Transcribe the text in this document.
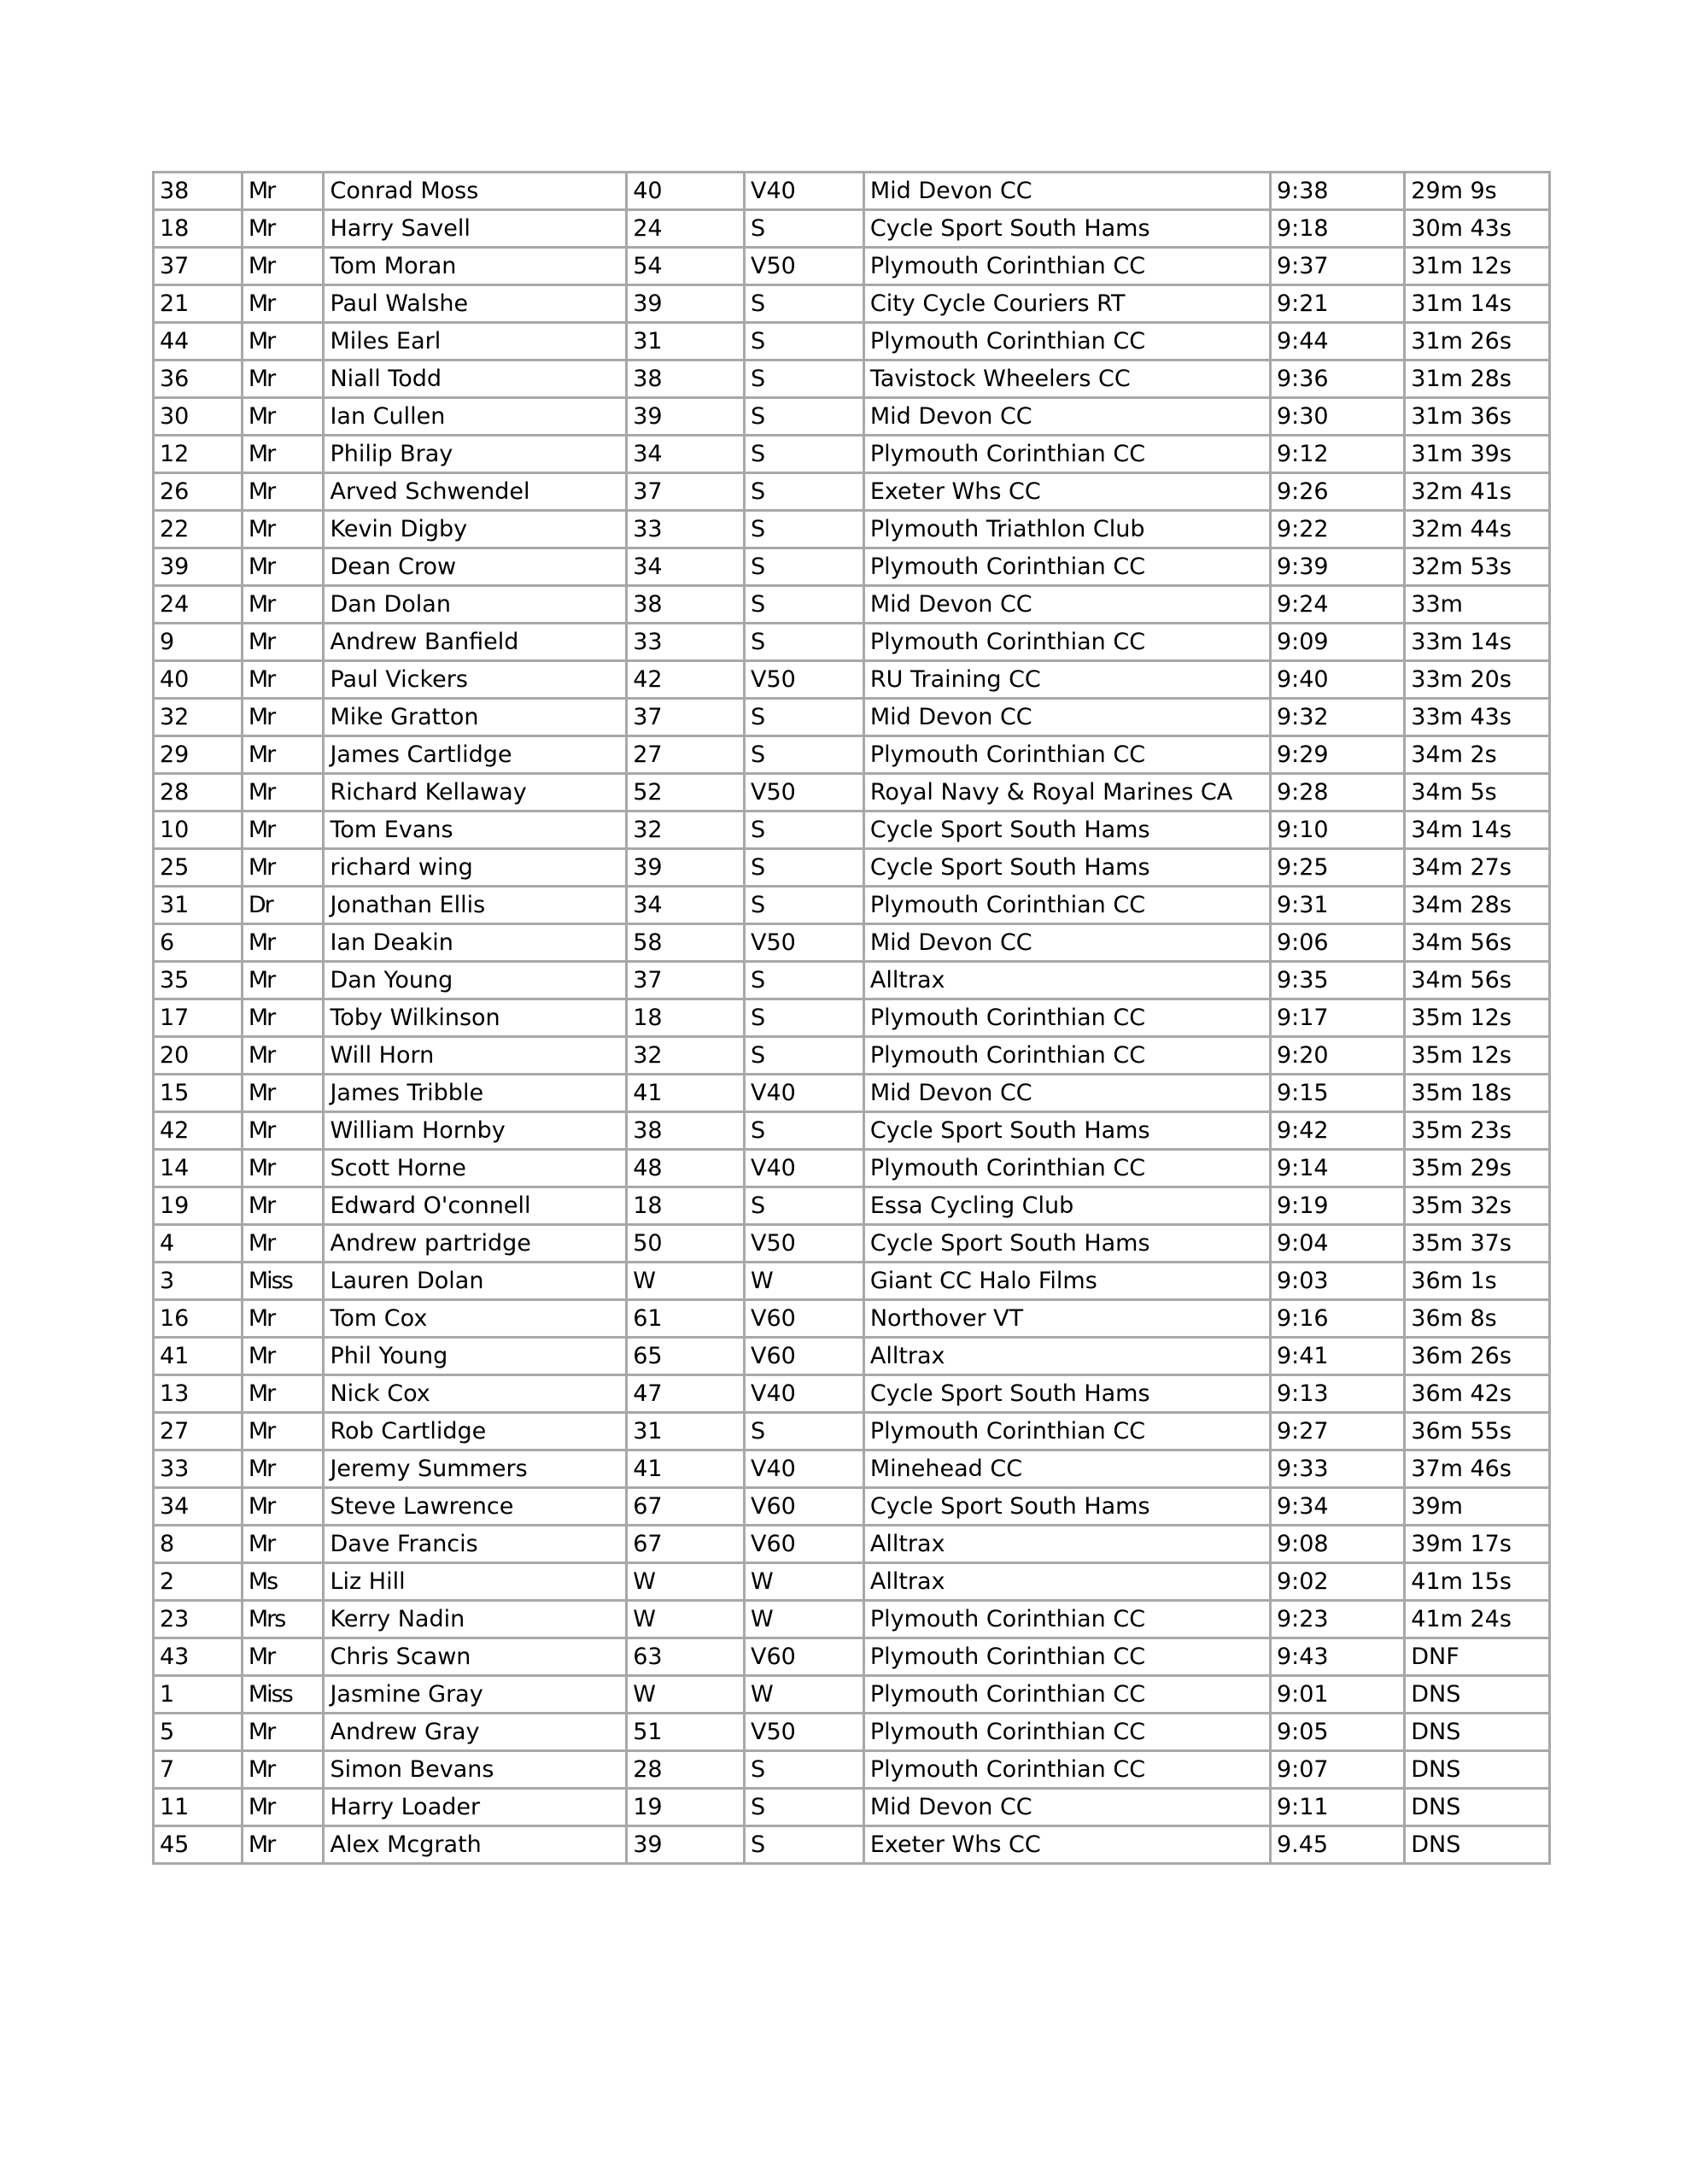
38	Mr	Conrad Moss	40	V40	Mid Devon CC	9:38	29m 9s
18	Mr	Harry Savell	24	S	Cycle Sport South Hams	9:18	30m 43s
37	Mr	Tom Moran	54	V50	Plymouth Corinthian CC	9:37	31m 12s
21	Mr	Paul Walshe	39	S	City Cycle Couriers RT	9:21	31m 14s
44	Mr	Miles Earl	31	S	Plymouth Corinthian CC	9:44	31m 26s
36	Mr	Niall Todd	38	S	Tavistock Wheelers CC	9:36	31m 28s
30	Mr	Ian Cullen	39	S	Mid Devon CC	9:30	31m 36s
12	Mr	Philip Bray	34	S	Plymouth Corinthian CC	9:12	31m 39s
26	Mr	Arved Schwendel	37	S	Exeter Whs CC	9:26	32m 41s
22	Mr	Kevin Digby	33	S	Plymouth Triathlon Club	9:22	32m 44s
39	Mr	Dean Crow	34	S	Plymouth Corinthian CC	9:39	32m 53s
24	Mr	Dan Dolan	38	S	Mid Devon CC	9:24	33m
9	Mr	Andrew Banfield	33	S	Plymouth Corinthian CC	9:09	33m 14s
40	Mr	Paul Vickers	42	V50	RU Training CC	9:40	33m 20s
32	Mr	Mike Gratton	37	S	Mid Devon CC	9:32	33m 43s
29	Mr	James Cartlidge	27	S	Plymouth Corinthian CC	9:29	34m 2s
28	Mr	Richard Kellaway	52	V50	Royal Navy & Royal Marines CA	9:28	34m 5s
10	Mr	Tom Evans	32	S	Cycle Sport South Hams	9:10	34m 14s
25	Mr	richard wing	39	S	Cycle Sport South Hams	9:25	34m 27s
31	Dr	Jonathan Ellis	34	S	Plymouth Corinthian CC	9:31	34m 28s
6	Mr	Ian Deakin	58	V50	Mid Devon CC	9:06	34m 56s
35	Mr	Dan Young	37	S	Alltrax	9:35	34m 56s
17	Mr	Toby Wilkinson	18	S	Plymouth Corinthian CC	9:17	35m 12s
20	Mr	Will Horn	32	S	Plymouth Corinthian CC	9:20	35m 12s
15	Mr	James Tribble	41	V40	Mid Devon CC	9:15	35m 18s
42	Mr	William Hornby	38	S	Cycle Sport South Hams	9:42	35m 23s
14	Mr	Scott Horne	48	V40	Plymouth Corinthian CC	9:14	35m 29s
19	Mr	Edward O'connell	18	S	Essa Cycling Club	9:19	35m 32s
4	Mr	Andrew partridge	50	V50	Cycle Sport South Hams	9:04	35m 37s
3	Miss	Lauren Dolan	W	W	Giant CC Halo Films	9:03	36m 1s
16	Mr	Tom Cox	61	V60	Northover VT	9:16	36m 8s
41	Mr	Phil Young	65	V60	Alltrax	9:41	36m 26s
13	Mr	Nick Cox	47	V40	Cycle Sport South Hams	9:13	36m 42s
27	Mr	Rob Cartlidge	31	S	Plymouth Corinthian CC	9:27	36m 55s
33	Mr	Jeremy Summers	41	V40	Minehead CC	9:33	37m 46s
34	Mr	Steve Lawrence	67	V60	Cycle Sport South Hams	9:34	39m
8	Mr	Dave Francis	67	V60	Alltrax	9:08	39m 17s
2	Ms	Liz Hill	W	W	Alltrax	9:02	41m 15s
23	Mrs	Kerry Nadin	W	W	Plymouth Corinthian CC	9:23	41m 24s
43	Mr	Chris Scawn	63	V60	Plymouth Corinthian CC	9:43	DNF
1	Miss	Jasmine Gray	W	W	Plymouth Corinthian CC	9:01	DNS
5	Mr	Andrew Gray	51	V50	Plymouth Corinthian CC	9:05	DNS
7	Mr	Simon Bevans	28	S	Plymouth Corinthian CC	9:07	DNS
11	Mr	Harry Loader	19	S	Mid Devon CC	9:11	DNS
45	Mr	Alex Mcgrath	39	S	Exeter Whs CC	9.45	DNS
